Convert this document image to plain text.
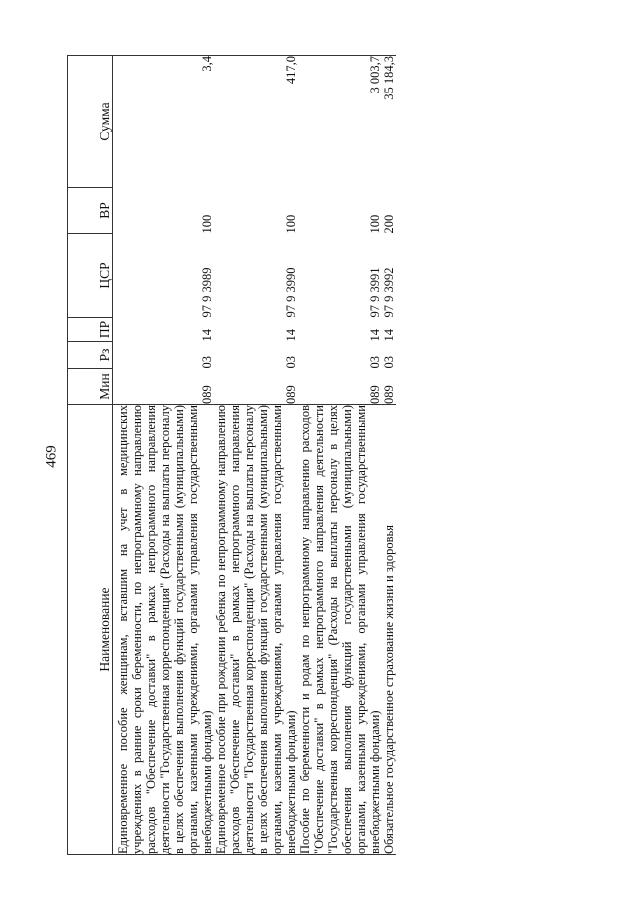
469
Наименование	Мин	Рз	ПР	ЦСР	ВР	Сумма
Единовременное пособие женщинам, вставшим на учет в медицинских учреждениях в ранние сроки беременности, по непрограммному направлению расходов "Обеспечение доставки" в рамках непрограммного направления деятельности "Государственная корреспонденция" (Расходы на выплаты персоналу в целях обеспечения выполнения функций государственными (муниципальными) органами, казенными учреждениями, органами управления государственными внебюджетными фондами)	089	03	14	97 9 3989	100	3,4
Единовременное пособие при рождении ребенка по непрограммному направлению расходов "Обеспечение доставки" в рамках непрограммного направления деятельности "Государственная корреспонденция" (Расходы на выплаты персоналу в целях обеспечения выполнения функций государственными (муниципальными) органами, казенными учреждениями, органами управления государственными внебюджетными фондами)	089	03	14	97 9 3990	100	417,0
Пособие по беременности и родам по непрограммному направлению расходов "Обеспечение доставки" в рамках непрограммного направления деятельности "Государственная корреспонденция" (Расходы на выплаты персоналу в целях обеспечения выполнения функций государственными (муниципальными) органами, казенными учреждениями, органами управления государственными внебюджетными фондами)	089	03	14	97 9 3991	100	3 003,7
Обязательное государственное страхование жизни и здоровья	089	03	14	97 9 3992	200	35 184,3
